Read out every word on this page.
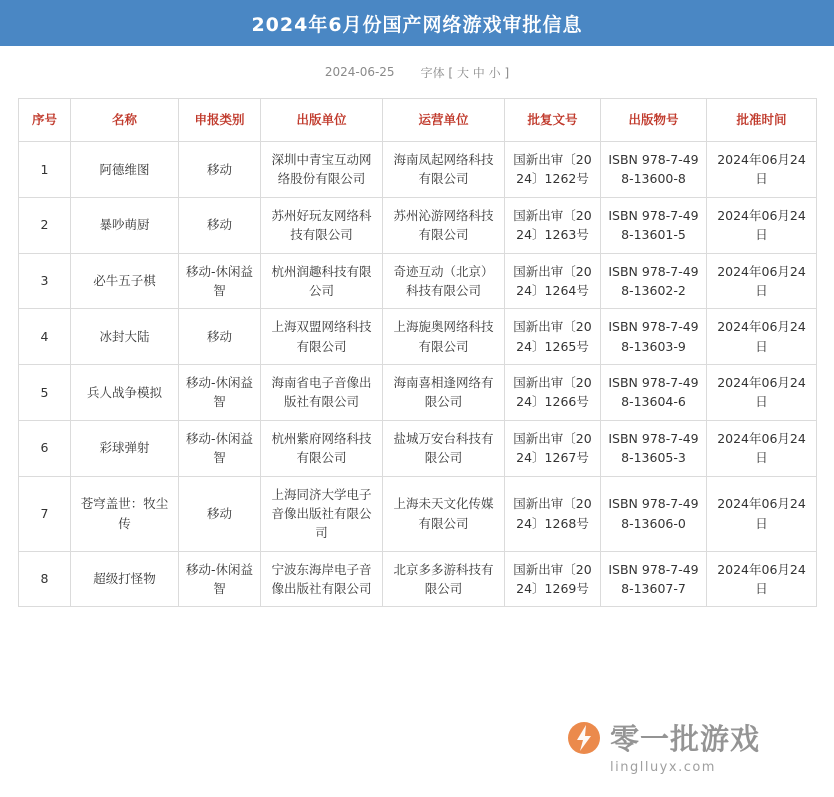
2024年6月份国产网络游戏审批信息
2024-06-25 字体 [ 大 中 小 ]
序号	名称	申报类别	出版单位	运营单位	批复文号	出版物号	批准时间
1	阿德维图	移动	深圳中青宝互动网络股份有限公司	海南凤起网络科技有限公司	国新出审〔2024〕1262号	ISBN 978-7-498-13600-8	2024年06月24日
2	暴吵萌厨	移动	苏州好玩友网络科技有限公司	苏州沁游网络科技有限公司	国新出审〔2024〕1263号	ISBN 978-7-498-13601-5	2024年06月24日
3	必牛五子棋	移动-休闲益智	杭州润趣科技有限公司	奇迹互动（北京）科技有限公司	国新出审〔2024〕1264号	ISBN 978-7-498-13602-2	2024年06月24日
4	冰封大陆	移动	上海双盟网络科技有限公司	上海旎奥网络科技有限公司	国新出审〔2024〕1265号	ISBN 978-7-498-13603-9	2024年06月24日
5	兵人战争模拟	移动-休闲益智	海南省电子音像出版社有限公司	海南喜相逢网络有限公司	国新出审〔2024〕1266号	ISBN 978-7-498-13604-6	2024年06月24日
6	彩球弹射	移动-休闲益智	杭州紫府网络科技有限公司	盐城万安台科技有限公司	国新出审〔2024〕1267号	ISBN 978-7-498-13605-3	2024年06月24日
7	苍穹盖世：牧尘传	移动	上海同济大学电子音像出版社有限公司	上海未天文化传媒有限公司	国新出审〔2024〕1268号	ISBN 978-7-498-13606-0	2024年06月24日
8	超级打怪物	移动-休闲益智	宁波东海岸电子音像出版社有限公司	北京多多游科技有限公司	国新出审〔2024〕1269号	ISBN 978-7-498-13607-7	2024年06月24日
零一批游戏
linglluyx.com
